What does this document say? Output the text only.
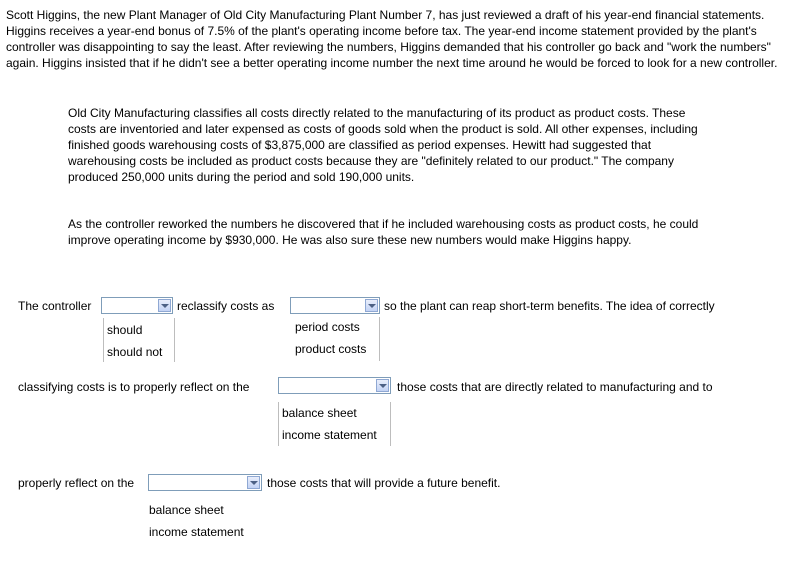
Scott Higgins, the new Plant Manager of Old City Manufacturing Plant Number 7, has just reviewed a draft of his year-end financial statements. Higgins receives a year-end bonus of 7.5% of the plant's operating income before tax. The year-end income statement provided by the plant's controller was disappointing to say the least. After reviewing the numbers, Higgins demanded that his controller go back and "work the numbers" again. Higgins insisted that if he didn't see a better operating income number the next time around he would be forced to look for a new controller.

Old City Manufacturing classifies all costs directly related to the manufacturing of its product as product costs. These costs are inventoried and later expensed as costs of goods sold when the product is sold. All other expenses, including finished goods warehousing costs of $3,875,000 are classified as period expenses. Hewitt had suggested that warehousing costs be included as product costs because they are "definitely related to our product." The company produced 250,000 units during the period and sold 190,000 units.

As the controller reworked the numbers he discovered that if he included warehousing costs as product costs, he could improve operating income by $930,000. He was also sure these new numbers would make Higgins happy.

The controller	reclassify costs as	so the plant can reap short-term benefits. The idea of correctly
should
should not
period costs
product costs
classifying costs is to properly reflect on the	those costs that are directly related to manufacturing and to
balance sheet
income statement
properly reflect on the	those costs that will provide a future benefit.
balance sheet
income statement
